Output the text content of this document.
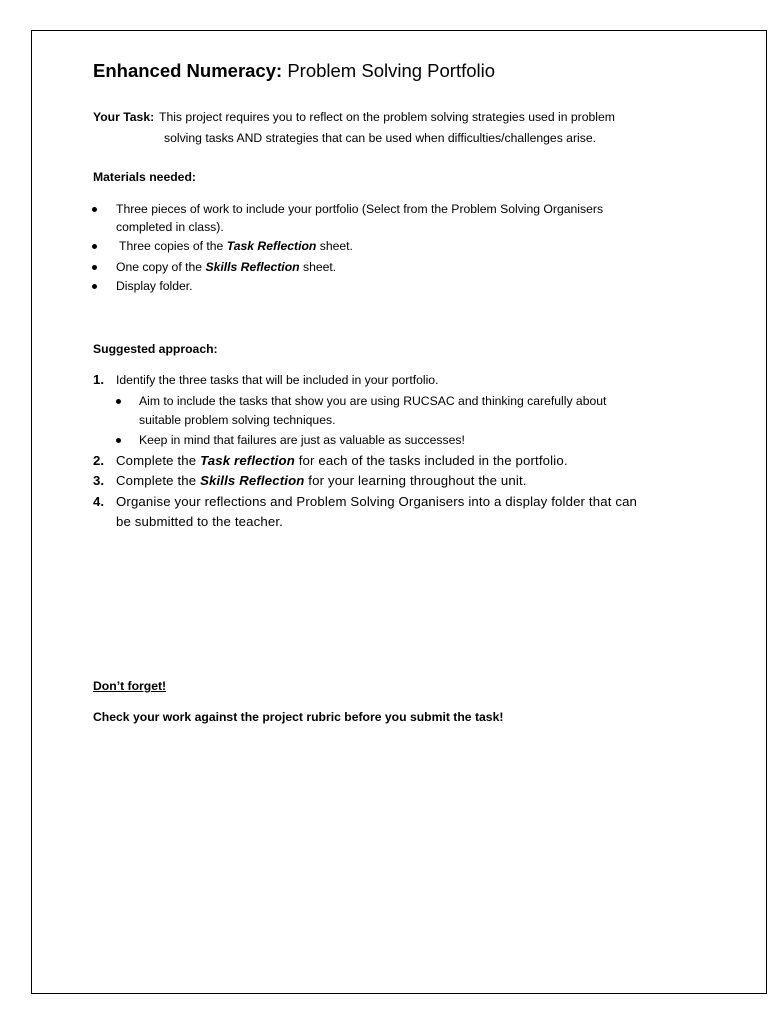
Enhanced Numeracy: Problem Solving Portfolio
Your Task: This project requires you to reflect on the problem solving strategies used in problem
solving tasks AND strategies that can be used when difficulties/challenges arise.
Materials needed:
Three pieces of work to include your portfolio (Select from the Problem Solving Organisers
completed in class).
Three copies of the Task Reflection sheet.
One copy of the Skills Reflection sheet.
Display folder.
Suggested approach:
1. Identify the three tasks that will be included in your portfolio.
Aim to include the tasks that show you are using RUCSAC and thinking carefully about
suitable problem solving techniques.
Keep in mind that failures are just as valuable as successes!
2. Complete the Task reflection for each of the tasks included in the portfolio.
3. Complete the Skills Reflection for your learning throughout the unit.
4. Organise your reflections and Problem Solving Organisers into a display folder that can
be submitted to the teacher.
Don’t forget!
Check your work against the project rubric before you submit the task!
